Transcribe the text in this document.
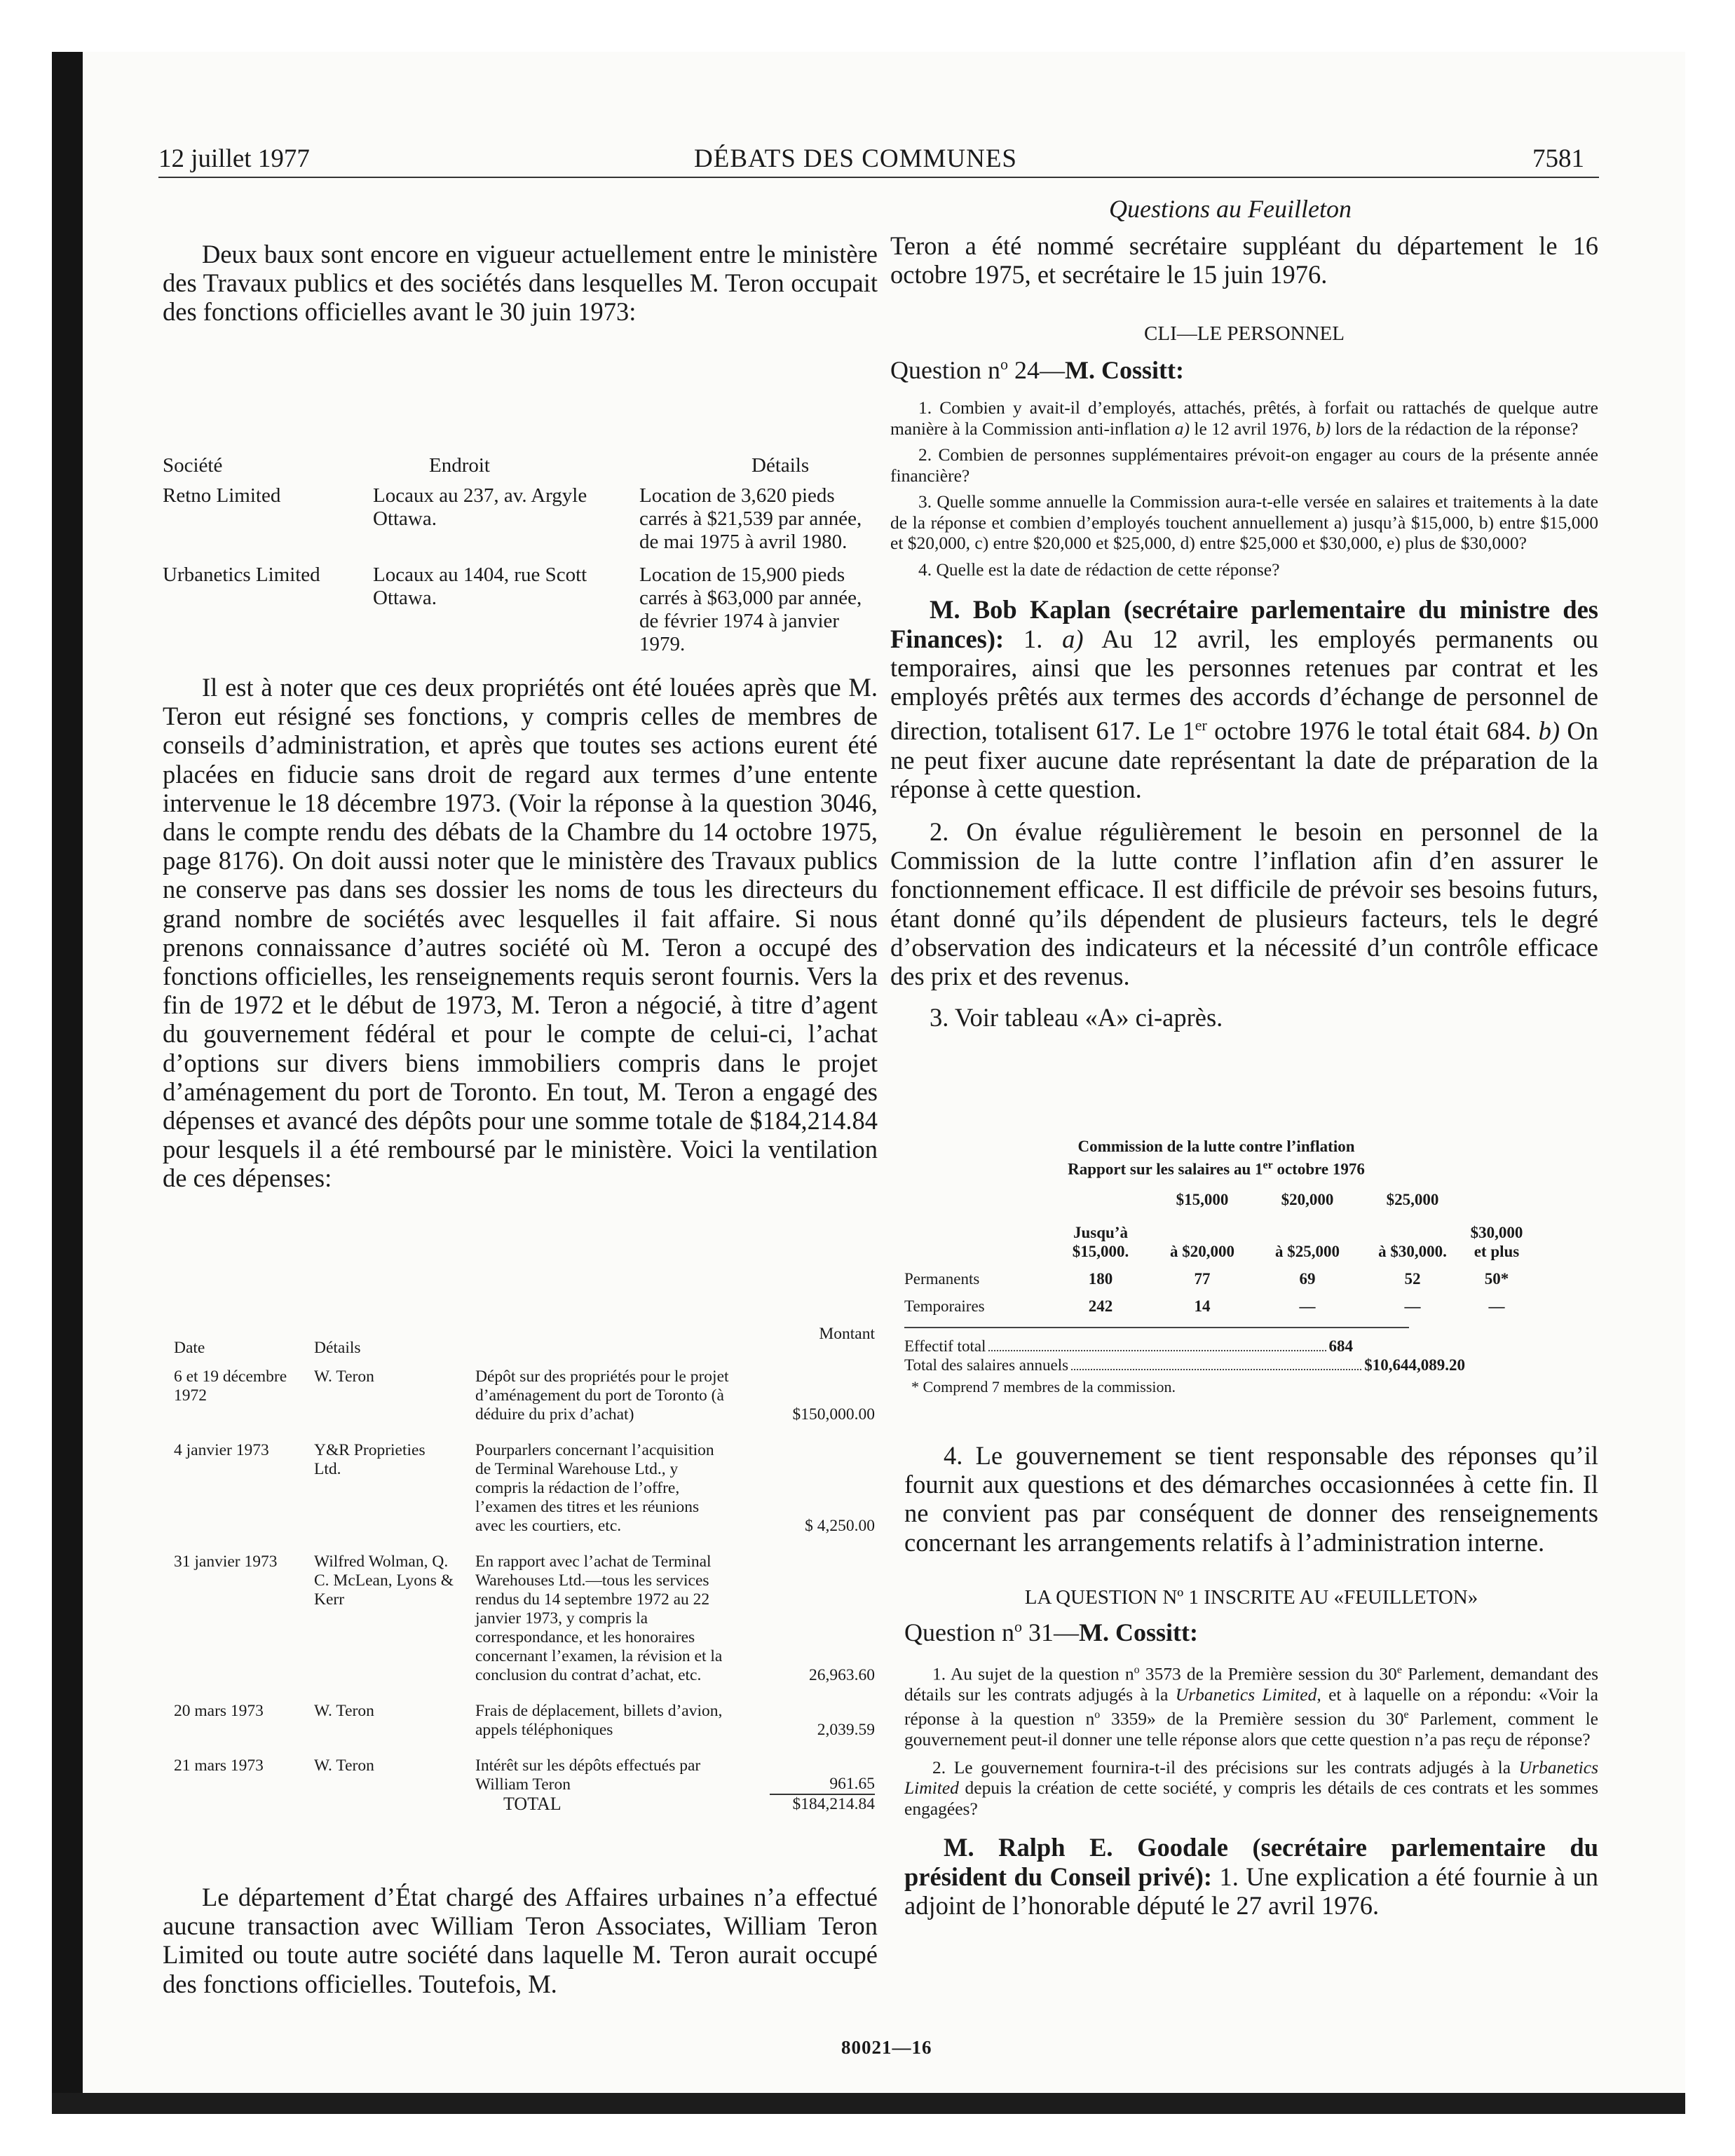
12 juillet 1977	DÉBATS DES COMMUNES	7581
Questions au Feuilleton

Deux baux sont encore en vigueur actuellement entre le ministère des Travaux publics et des sociétés dans lesquelles M. Teron occupait des fonctions officielles avant le 30 juin 1973:

Société	Endroit	Détails
Retno Limited	Locaux au 237, av. Argyle Ottawa.	Location de 3,620 pieds carrés à $21,539 par année, de mai 1975 à avril 1980.
Urbanetics Limited	Locaux au 1404, rue Scott Ottawa.	Location de 15,900 pieds carrés à $63,000 par année, de février 1974 à janvier 1979.

Il est à noter que ces deux propriétés ont été louées après que M. Teron eut résigné ses fonctions, y compris celles de membres de conseils d’administration, et après que toutes ses actions eurent été placées en fiducie sans droit de regard aux termes d’une entente intervenue le 18 décembre 1973. (Voir la réponse à la question 3046, dans le compte rendu des débats de la Chambre du 14 octobre 1975, page 8176). On doit aussi noter que le ministère des Travaux publics ne conserve pas dans ses dossier les noms de tous les directeurs du grand nombre de sociétés avec lesquelles il fait affaire. Si nous prenons connaissance d’autres société où M. Teron a occupé des fonctions officielles, les renseignements requis seront fournis. Vers la fin de 1972 et le début de 1973, M. Teron a négocié, à titre d’agent du gouvernement fédéral et pour le compte de celui-ci, l’achat d’options sur divers biens immobiliers compris dans le projet d’aménagement du port de Toronto. En tout, M. Teron a engagé des dépenses et avancé des dépôts pour une somme totale de $184,214.84 pour lesquels il a été remboursé par le ministère. Voici la ventilation de ces dépenses:

Date	Détails		Montant

6 et 19 décembre 1972	W. Teron	Dépôt sur des propriétés pour le projet d’aménagement du port de Toronto (à déduire du prix d’achat)	$150,000.00

4 janvier 1973	Y&R Proprieties Ltd.	Pourparlers concernant l’acquisition de Terminal Warehouse Ltd., y compris la rédaction de l’offre, l’examen des titres et les réunions avec les courtiers, etc.	$ 4,250.00

31 janvier 1973	Wilfred Wolman, Q. C. McLean, Lyons & Kerr	En rapport avec l’achat de Terminal Warehouses Ltd.—tous les services rendus du 14 septembre 1972 au 22 janvier 1973, y compris la correspondance, et les honoraires concernant l’examen, la révision et la conclusion du contrat d’achat, etc.	26,963.60

20 mars 1973	W. Teron	Frais de déplacement, billets d’avion, appels téléphoniques	2,039.59

21 mars 1973	W. Teron	Intérêt sur les dépôts effectués par William Teron	961.65
		TOTAL	$184,214.84

Le département d’État chargé des Affaires urbaines n’a effectué aucune transaction avec William Teron Associates, William Teron Limited ou toute autre société dans laquelle M. Teron aurait occupé des fonctions officielles. Toutefois, M.

Teron a été nommé secrétaire suppléant du département le 16 octobre 1975, et secrétaire le 15 juin 1976.

CLI—LE PERSONNEL
Question $n^o$ 24—M. Cossitt:

1. Combien y avait-il d’employés, attachés, prêtés, à forfait ou rattachés de quelque autre manière à la Commission anti-inflation a) le 12 avril 1976, b) lors de la rédaction de la réponse?

2. Combien de personnes supplémentaires prévoit-on engager au cours de la présente année financière?

3. Quelle somme annuelle la Commission aura-t-elle versée en salaires et traitements à la date de la réponse et combien d’employés touchent annuellement a) jusqu’à $15,000, b) entre $15,000 et $20,000, c) entre $20,000 et $25,000, d) entre $25,000 et $30,000, e) plus de $30,000?

4. Quelle est la date de rédaction de cette réponse?

M. Bob Kaplan (secrétaire parlementaire du ministre des Finances): 1. a) Au 12 avril, les employés permanents ou temporaires, ainsi que les personnes retenues par contrat et les employés prêtés aux termes des accords d’échange de personnel de direction, totalisent 617. Le 1er octobre 1976 le total était 684. b) On ne peut fixer aucune date représentant la date de préparation de la réponse à cette question.

2. On évalue régulièrement le besoin en personnel de la Commission de la lutte contre l’inflation afin d’en assurer le fonctionnement efficace. Il est difficile de prévoir ses besoins futurs, étant donné qu’ils dépendent de plusieurs facteurs, tels le degré d’observation des indicateurs et la nécessité d’un contrôle efficace des prix et des revenus.

3. Voir tableau «A» ci-après.

Commission de la lutte contre l’inflation
Rapport sur les salaires au 1er octobre 1976
		$15,000	$20,000	$25,000	

	Jusqu’à $15,000.	à $20,000	à $25,000	à $30,000.	$30,000 et plus
Permanents	180	77	69	52	50*
Temporaires	242	14	—	—	—
Effectif total	684
Total des salaires annuels	$10,644,089.20
* Comprend 7 membres de la commission.

4. Le gouvernement se tient responsable des réponses qu’il fournit aux questions et des démarches occasionnées à cette fin. Il ne convient pas par conséquent de donner des renseignements concernant les arrangements relatifs à l’administration interne.

LA QUESTION Nº 1 INSCRITE AU «FEUILLETON»
Question $n^o$ 31—M. Cossitt:

1. Au sujet de la question $n^o$ 3573 de la Première session du 30e Parlement, demandant des détails sur les contrats adjugés à la Urbanetics Limited, et à laquelle on a répondu: «Voir la réponse à la question $n^o$ 3359» de la Première session du 30e Parlement, comment le gouvernement peut-il donner une telle réponse alors que cette question n’a pas reçu de réponse?

2. Le gouvernement fournira-t-il des précisions sur les contrats adjugés à la Urbanetics Limited depuis la création de cette société, y compris les détails de ces contrats et les sommes engagées?

M. Ralph E. Goodale (secrétaire parlementaire du président du Conseil privé): 1. Une explication a été fournie à un adjoint de l’honorable député le 27 avril 1976.

80021—16
